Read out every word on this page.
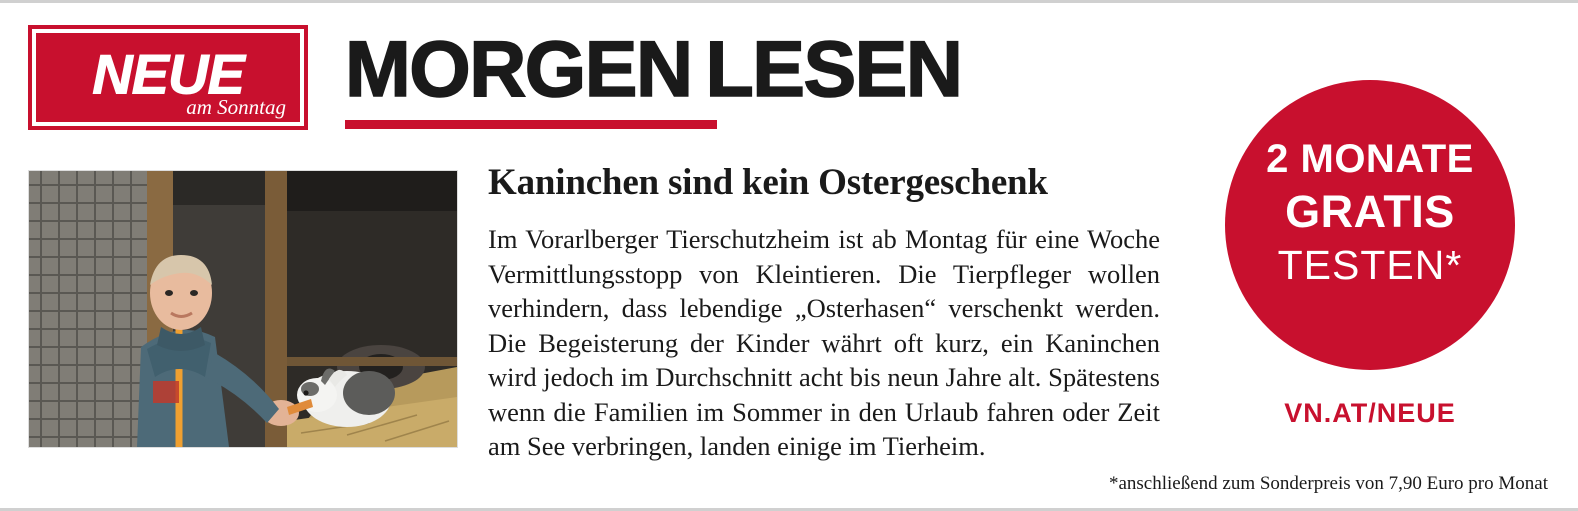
NEUE
am Sonntag MORGEN LESEN
Kaninchen sind kein Ostergeschenk
Im Vorarlberger Tierschutzheim ist ab Montag für eine Woche Vermittlungsstopp von Kleintieren. Die Tierpfleger wollen verhindern, dass lebendige „Osterhasen“ verschenkt werden. Die Begeisterung der Kinder währt oft kurz, ein Kaninchen wird jedoch im Durchschnitt acht bis neun Jahre alt. Spätestens wenn die Familien im Sommer in den Urlaub fahren oder Zeit am See verbringen, landen einige im Tierheim.
2 MONATE
GRATIS
TESTEN*
VN.AT/NEUE
*anschließend zum Sonderpreis von 7,90 Euro pro Monat
